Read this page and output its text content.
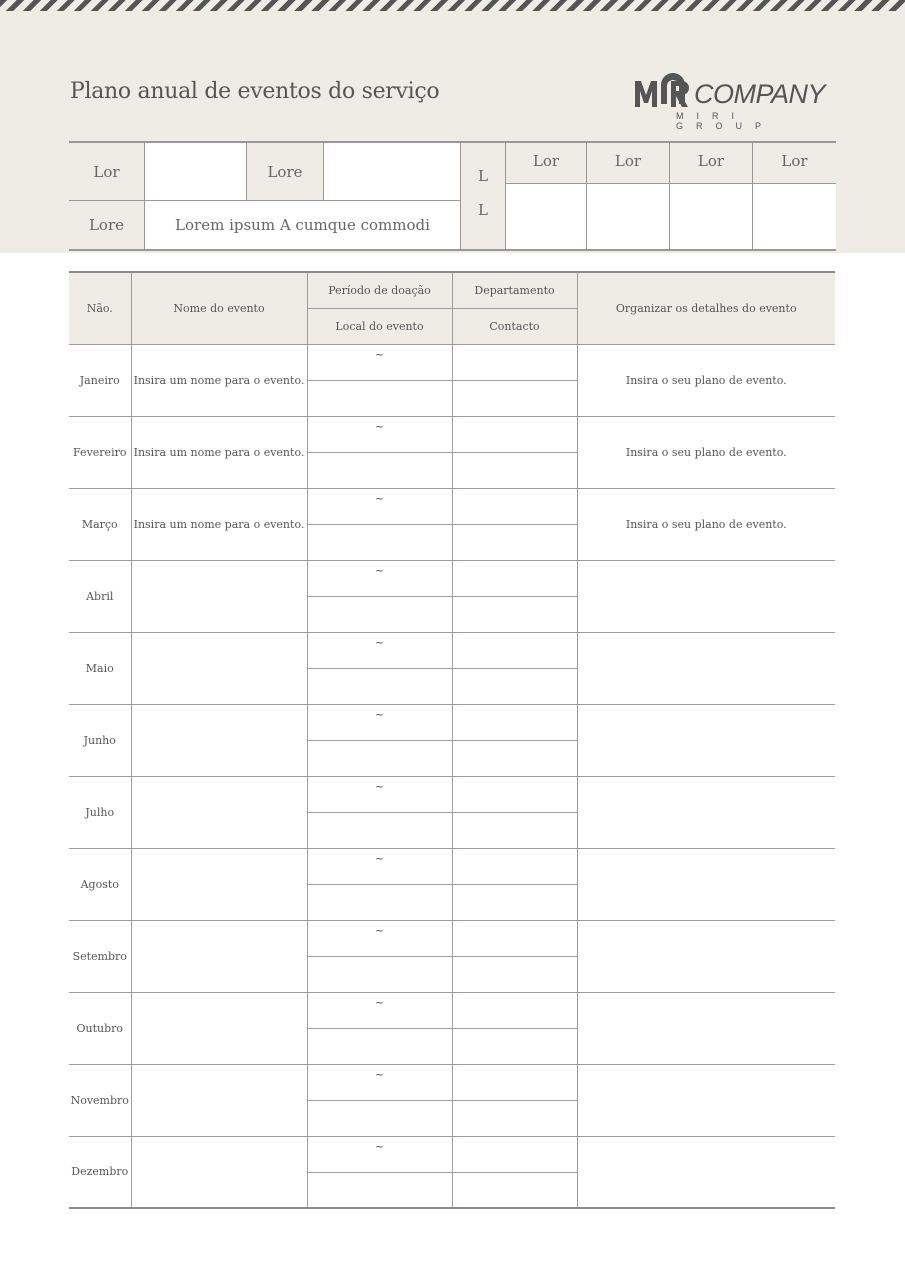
Plano anual de eventos do serviço	COMPANY
MIRI GROUP
Lor	Lore
Lore	Lorem ipsum A cumque commodi
L
L
Lor	Lor	Lor	Lor
Não.	Nome do evento	Período de doação	Departamento	Organizar os detalhes do evento
		Local do evento	Contacto	
Janeiro	Insira um nome para o evento.	~		Insira o seu plano de evento.

Fevereiro	Insira um nome para o evento.	~		Insira o seu plano de evento.

Março	Insira um nome para o evento.	~		Insira o seu plano de evento.

Abril		~		

Maio		~		

Junho		~		

Julho		~		

Agosto		~		

Setembro		~		

Outubro		~		

Novembro		~		

Dezembro		~		
